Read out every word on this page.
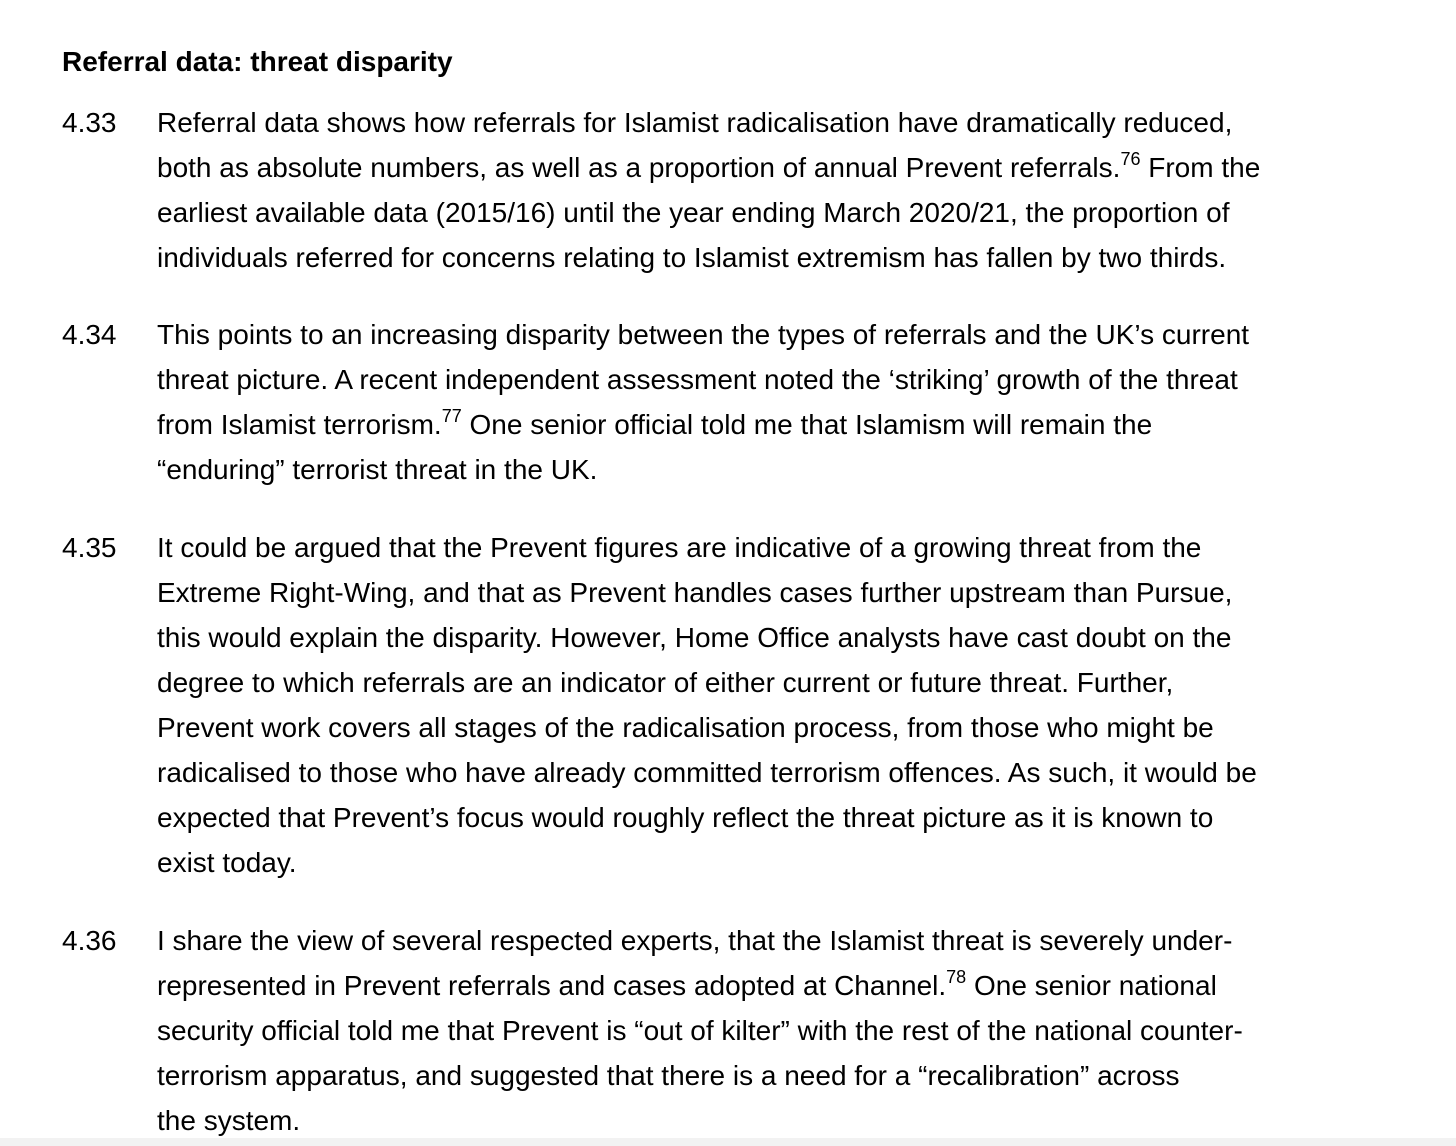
Referral data: threat disparity
4.33 Referral data shows how referrals for Islamist radicalisation have dramatically reduced,
both as absolute numbers, as well as a proportion of annual Prevent referrals.$^{76}$ From the
earliest available data (2015/16) until the year ending March 2020/21, the proportion of
individuals referred for concerns relating to Islamist extremism has fallen by two thirds.
4.34 This points to an increasing disparity between the types of referrals and the UK’s current
threat picture. A recent independent assessment noted the ‘striking’ growth of the threat
from Islamist terrorism.$^{77}$ One senior official told me that Islamism will remain the
“enduring” terrorist threat in the UK.
4.35 It could be argued that the Prevent figures are indicative of a growing threat from the
Extreme Right-Wing, and that as Prevent handles cases further upstream than Pursue,
this would explain the disparity. However, Home Office analysts have cast doubt on the
degree to which referrals are an indicator of either current or future threat. Further,
Prevent work covers all stages of the radicalisation process, from those who might be
radicalised to those who have already committed terrorism offences. As such, it would be
expected that Prevent’s focus would roughly reflect the threat picture as it is known to
exist today.
4.36 I share the view of several respected experts, that the Islamist threat is severely under-
represented in Prevent referrals and cases adopted at Channel.$^{78}$ One senior national
security official told me that Prevent is “out of kilter” with the rest of the national counter-
terrorism apparatus, and suggested that there is a need for a “recalibration” across
the system.
